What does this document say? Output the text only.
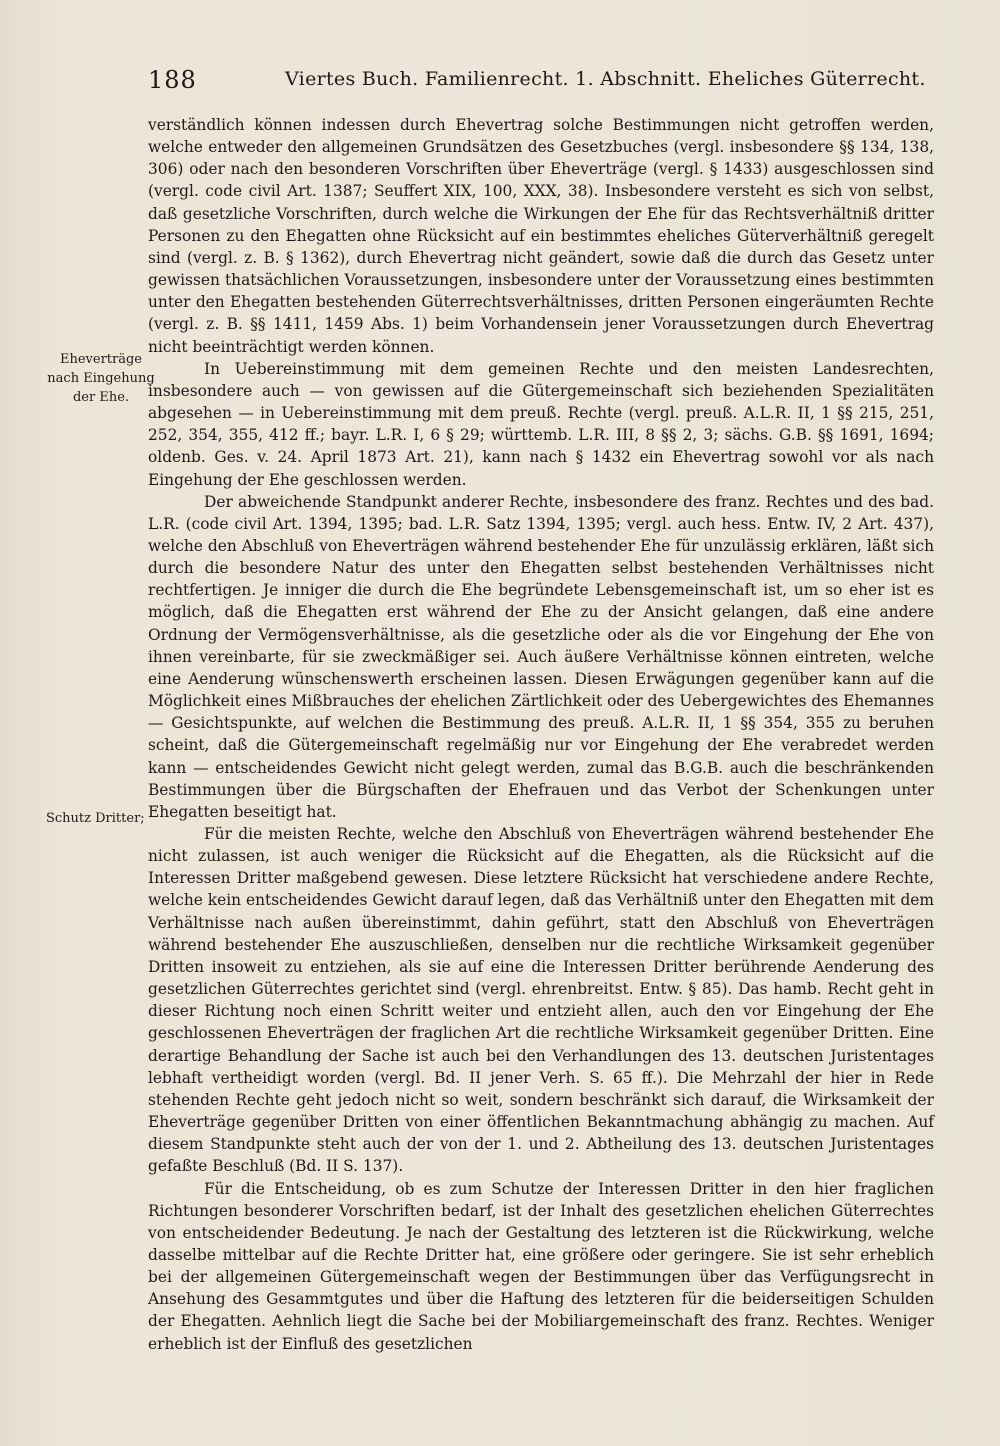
188	Viertes Buch. Familienrecht. 1. Abschnitt. Eheliches Güterrecht.
Eheverträge
nach Eingehung
der Ehe.
Schutz Dritter;

verständlich können indessen durch Ehevertrag solche Bestimmungen nicht getroffen werden, welche entweder den allgemeinen Grundsätzen des Gesetzbuches (vergl. insbesondere §§ 134, 138, 306) oder nach den besonderen Vorschriften über Eheverträge (vergl. § 1433) ausgeschlossen sind (vergl. code civil Art. 1387; Seuffert XIX, 100, XXX, 38). Insbesondere versteht es sich von selbst, daß gesetzliche Vorschriften, durch welche die Wirkungen der Ehe für das Rechtsverhältniß dritter Personen zu den Ehegatten ohne Rücksicht auf ein bestimmtes eheliches Güterverhältniß geregelt sind (vergl. z. B. § 1362), durch Ehevertrag nicht geändert, sowie daß die durch das Gesetz unter gewissen thatsächlichen Voraussetzungen, insbesondere unter der Voraussetzung eines bestimmten unter den Ehegatten bestehenden Güterrechtsverhältnisses, dritten Personen eingeräumten Rechte (vergl. z. B. §§ 1411, 1459 Abs. 1) beim Vorhandensein jener Voraussetzungen durch Ehevertrag nicht beeinträchtigt werden können.

In Uebereinstimmung mit dem gemeinen Rechte und den meisten Landesrechten, insbesondere auch — von gewissen auf die Gütergemeinschaft sich beziehenden Spezialitäten abgesehen — in Uebereinstimmung mit dem preuß. Rechte (vergl. preuß. A.L.R. II, 1 §§ 215, 251, 252, 354, 355, 412 ff.; bayr. L.R. I, 6 § 29; württemb. L.R. III, 8 §§ 2, 3; sächs. G.B. §§ 1691, 1694; oldenb. Ges. v. 24. April 1873 Art. 21), kann nach § 1432 ein Ehevertrag sowohl vor als nach Eingehung der Ehe geschlossen werden.

Der abweichende Standpunkt anderer Rechte, insbesondere des franz. Rechtes und des bad. L.R. (code civil Art. 1394, 1395; bad. L.R. Satz 1394, 1395; vergl. auch hess. Entw. IV, 2 Art. 437), welche den Abschluß von Eheverträgen während bestehender Ehe für unzulässig erklären, läßt sich durch die besondere Natur des unter den Ehegatten selbst bestehenden Verhältnisses nicht rechtfertigen. Je inniger die durch die Ehe begründete Lebensgemeinschaft ist, um so eher ist es möglich, daß die Ehegatten erst während der Ehe zu der Ansicht gelangen, daß eine andere Ordnung der Vermögensverhältnisse, als die gesetzliche oder als die vor Eingehung der Ehe von ihnen vereinbarte, für sie zweckmäßiger sei. Auch äußere Verhältnisse können eintreten, welche eine Aenderung wünschenswerth erscheinen lassen. Diesen Erwägungen gegenüber kann auf die Möglichkeit eines Mißbrauches der ehelichen Zärtlichkeit oder des Uebergewichtes des Ehemannes — Gesichtspunkte, auf welchen die Bestimmung des preuß. A.L.R. II, 1 §§ 354, 355 zu beruhen scheint, daß die Gütergemeinschaft regelmäßig nur vor Eingehung der Ehe verabredet werden kann — entscheidendes Gewicht nicht gelegt werden, zumal das B.G.B. auch die beschränkenden Bestimmungen über die Bürgschaften der Ehefrauen und das Verbot der Schenkungen unter Ehegatten beseitigt hat.

Für die meisten Rechte, welche den Abschluß von Eheverträgen während bestehender Ehe nicht zulassen, ist auch weniger die Rücksicht auf die Ehegatten, als die Rücksicht auf die Interessen Dritter maßgebend gewesen. Diese letztere Rücksicht hat verschiedene andere Rechte, welche kein entscheidendes Gewicht darauf legen, daß das Verhältniß unter den Ehegatten mit dem Verhältnisse nach außen übereinstimmt, dahin geführt, statt den Abschluß von Eheverträgen während bestehender Ehe auszuschließen, denselben nur die rechtliche Wirksamkeit gegenüber Dritten insoweit zu entziehen, als sie auf eine die Interessen Dritter berührende Aenderung des gesetzlichen Güterrechtes gerichtet sind (vergl. ehrenbreitst. Entw. § 85). Das hamb. Recht geht in dieser Richtung noch einen Schritt weiter und entzieht allen, auch den vor Eingehung der Ehe geschlossenen Eheverträgen der fraglichen Art die rechtliche Wirksamkeit gegenüber Dritten. Eine derartige Behandlung der Sache ist auch bei den Verhandlungen des 13. deutschen Juristentages lebhaft vertheidigt worden (vergl. Bd. II jener Verh. S. 65 ff.). Die Mehrzahl der hier in Rede stehenden Rechte geht jedoch nicht so weit, sondern beschränkt sich darauf, die Wirksamkeit der Eheverträge gegenüber Dritten von einer öffentlichen Bekanntmachung abhängig zu machen. Auf diesem Standpunkte steht auch der von der 1. und 2. Abtheilung des 13. deutschen Juristentages gefaßte Beschluß (Bd. II S. 137).

Für die Entscheidung, ob es zum Schutze der Interessen Dritter in den hier fraglichen Richtungen besonderer Vorschriften bedarf, ist der Inhalt des gesetzlichen ehelichen Güterrechtes von entscheidender Bedeutung. Je nach der Gestaltung des letzteren ist die Rückwirkung, welche dasselbe mittelbar auf die Rechte Dritter hat, eine größere oder geringere. Sie ist sehr erheblich bei der allgemeinen Gütergemeinschaft wegen der Bestimmungen über das Verfügungsrecht in Ansehung des Gesammtgutes und über die Haftung des letzteren für die beiderseitigen Schulden der Ehegatten. Aehnlich liegt die Sache bei der Mobiliargemeinschaft des franz. Rechtes. Weniger erheblich ist der Einfluß des gesetzlichen
